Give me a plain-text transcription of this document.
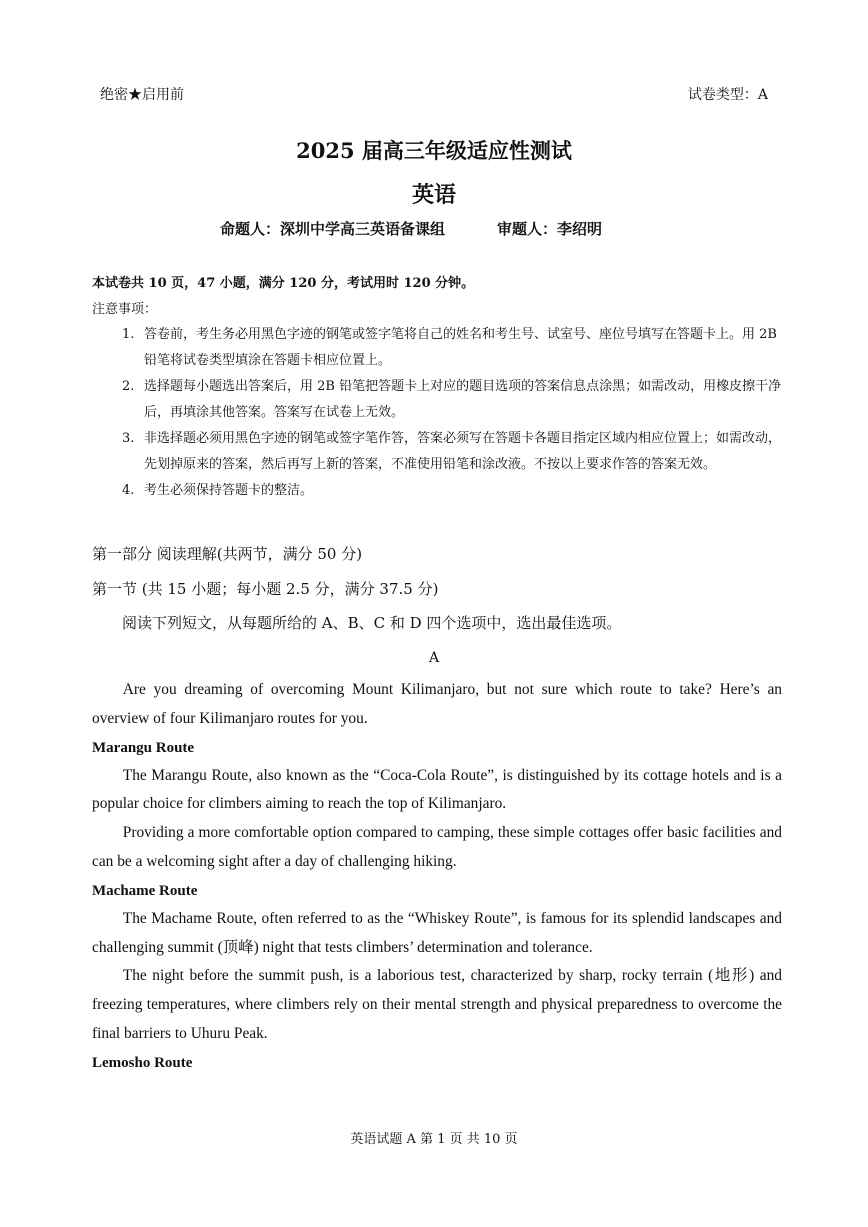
绝密★启用前	试卷类型：A
2025 届高三年级适应性测试
英语
命题人：深圳中学高三英语备课组	审题人：李绍明
本试卷共 10 页，47 小题，满分 120 分，考试用时 120 分钟。
注意事项：
1. 答卷前，考生务必用黑色字迹的钢笔或签字笔将自己的姓名和考生号、试室号、座位号填写在答题卡上。用 2B 铅笔将试卷类型填涂在答题卡相应位置上。
2. 选择题每小题选出答案后，用 2B 铅笔把答题卡上对应的题目选项的答案信息点涂黑；如需改动，用橡皮擦干净后，再填涂其他答案。答案写在试卷上无效。
3. 非选择题必须用黑色字迹的钢笔或签字笔作答，答案必须写在答题卡各题目指定区域内相应位置上；如需改动，先划掉原来的答案，然后再写上新的答案，不准使用铅笔和涂改液。不按以上要求作答的答案无效。
4. 考生必须保持答题卡的整洁。
第一部分 阅读理解(共两节，满分 50 分)
第一节 (共 15 小题；每小题 2.5 分，满分 37.5 分)
阅读下列短文，从每题所给的 A、B、C 和 D 四个选项中，选出最佳选项。
A

Are you dreaming of overcoming Mount Kilimanjaro, but not sure which route to take? Here’s an overview of four Kilimanjaro routes for you.

Marangu Route

The Marangu Route, also known as the “Coca-Cola Route”, is distinguished by its cottage hotels and is a popular choice for climbers aiming to reach the top of Kilimanjaro.

Providing a more comfortable option compared to camping, these simple cottages offer basic facilities and can be a welcoming sight after a day of challenging hiking.

Machame Route

The Machame Route, often referred to as the “Whiskey Route”, is famous for its splendid landscapes and challenging summit (顶峰) night that tests climbers’ determination and tolerance.

The night before the summit push, is a laborious test, characterized by sharp, rocky terrain (地形) and freezing temperatures, where climbers rely on their mental strength and physical preparedness to overcome the final barriers to Uhuru Peak.

Lemosho Route
英语试题 A 第 1 页 共 10 页
